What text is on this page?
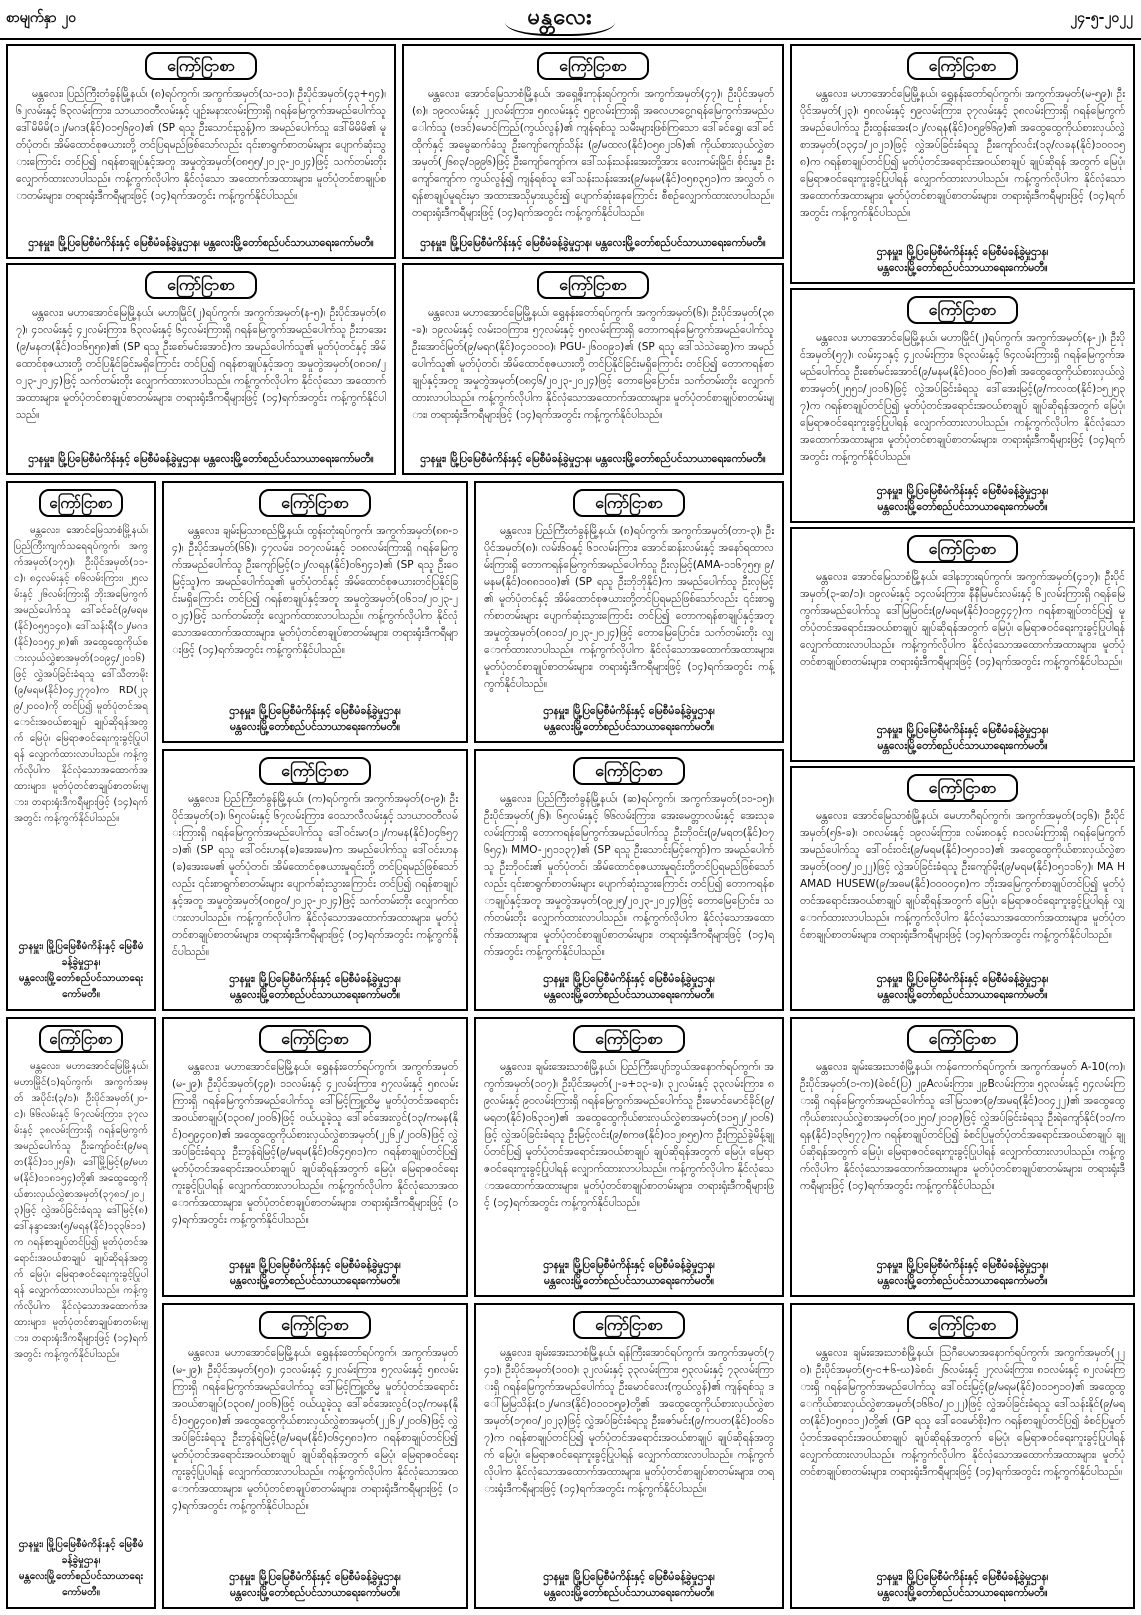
စာမျက်နှာ ၂၀	မန္တလေး	၂၄-၅-၂၀၂၂
ကြော်ငြာစာ
မန္တလေး၊ ပြည်ကြီးတံခွန်မြို့နယ်၊ (၈)ရပ်ကွက်၊ အကွက်အမှတ်(သ-၁၁)၊ ဦးပိုင်အမှတ်(၄၃+၅၄)၊ ၆၂လမ်းနှင့် ၆၃လမ်းကြား၊ သာယာဝတီလမ်းနှင့် ပျဉ်းမနားလမ်းကြားရှိ ဂရန်မြေကွက်အမည်ပေါက်သူ ဒေါ်မိမိမိ(၁၂/မဂဒ(နိုင်)၀၁၅၆၉၀)၏ (SP ရသူ ဦးသောင်းညွန့်)က အမည်ပေါက်သူ ဒေါ်မိမိမိ၏ မူတ်ပုံတင်၊ အိမ်ထောင်စုဇယားတို့ တင်ပြရမည်ဖြစ်သော်လည်း ၎င်းစာရွက်စာတမ်းများ ပျောက်ဆုံးသွားကြောင်း တင်ပြ၍ ဂရန်စာချုပ်နှင့်အတူ အမှုတွဲအမှတ်(၀၈၅၅/၂၀၂၃-၂၀၂၄)ဖြင့် သက်တမ်းတိုး လျှောက်ထားလာပါသည်။ ကန့်ကွက်လိုပါက နိုင်လုံသော အထောက်အထားများ၊ မူတ်ပုံတင်စာချုပ်စာတမ်းများ၊ တရားရုံးဒီကရီများဖြင့် (၁၄)ရက်အတွင်း ကန့်ကွက်နိုင်ပါသည်။
ဌာနမှူး၊ မြို့ပြမြေစီမံကိန်းနှင့် မြေစီမံခန့်ခွဲမှုဌာန၊ မန္တလေးမြို့တော်စည်ပင်သာယာရေးကော်မတီ။
ကြော်ငြာစာ
မန္တလေး၊ အောင်မြေသာစံမြို့နယ်၊ အရှေ့ဇိုးကုန်းရပ်ကွက်၊ အကွက်အမှတ်(၄၇)၊ ဦးပိုင်အမှတ်(၈)၊ ၁၉၀လမ်းနှင့် ၂၂လမ်းကြား၊ ၅၈လမ်းနှင့် ၅၉လမ်းကြားရှိ အဓလဟငွေ့ဂရန်မြေကွက်အမည်ပေါက်သူ (ဗဒင်)မောင်ကြည်(ကွယ်လွန်)၏ ကျန်ရစ်သူ သမီးများဖြစ်ကြသော ဒေါ်ခင်ရွှေ၊ ဒေါ်ခင်ထိုက်နှင့် အမွေဆက်ခံသူ ဦးကျော်ကျော်သိန်း (၉/မထလ(နိုင်)၀၅၈၂၁၆)၏ ကိုယ်စားလှယ်လွှဲစာအမှတ်(၂၆၈၃/၁၉၉၆)ဖြင့် ဦးကျော်ကျော်က၊ ဒေါ်သန်းသန်းအေးတို့အား လေးကမ်းမြိုင်၊ စိုင်းမှုး၊ ဦးကျော်ကျော်က ကွယ်လွန်၍ ကျန်ရစ်သူ ဒေါ်သန်းသန်းအေး(၉/မနမ(နိုင်)၀၅၈၃၅၁)က အလွှတ် ဂရန်စာချုပ်မူရင်းမှာ အထားအသိုမှားယွင်း၍ ပျောက်ဆုံးနေကြောင်း စီစဉ်လျှောက်ထားလာပါသည်။ တရားရုံးဒီကရီများဖြင့် (၁၄)ရက်အတွင်း ကန့်ကွက်နိုင်ပါသည်။
ဌာနမှူး၊ မြို့ပြမြေစီမံကိန်းနှင့် မြေစီမံခန့်ခွဲမှုဌာန၊ မန္တလေးမြို့တော်စည်ပင်သာယာရေးကော်မတီ။
ကြော်ငြာစာ
မန္တလေး၊ မဟာအောင်မြေမြို့နယ်၊ ရွှေနန်းတော်ရပ်ကွက်၊ အကွက်အမှတ်(မ-၅၉)၊ ဦးပိုင်အမှတ်(၂၃)၊ ၅၈လမ်းနှင့် ၅၉လမ်းကြား၊ ၃၇လမ်းနှင့် ၃၈လမ်းကြားရှိ ဂရန်မြေကွက်အမည်ပေါက်သူ ဦးထွန်းအေး(၁၂/လရန(နိုင်)၀၅၉၆၆၉)၏ အထွေထွေကိုယ်စားလှယ်လွှဲစာအမှတ်(၁၃၄၁/၂၀၂၁)ဖြင့် လွှဲအပ်ခြင်းခံရသူ ဦးကျော်လင်း(၁၃/လခန(နိုင်)၁၀၀၁၅၈)က ဂရန်စာချုပ်တင်ပြ၍ မူတ်ပုံတင်အရောင်းအဝယ်စာချုပ် ချုပ်ဆိုရန် အတွက် မြေပုံ၊ မြေရာဇဝင်ရေးကူးခွင့်ပြုပါရန် လျှောက်ထားလာပါသည်။ ကန့်ကွက်လိုပါက နိုင်လုံသောအထောက်အထားများ၊ မူတ်ပုံတင်စာချုပ်စာတမ်းများ၊ တရားရုံးဒီကရီများဖြင့် (၁၄)ရက်အတွင်း ကန့်ကွက်နိုင်ပါသည်။
ဌာနမှူး၊ မြို့ပြမြေစီမံကိန်းနှင့် မြေစီမံခန့်ခွဲမှုဌာန၊
မန္တလေးမြို့တော်စည်ပင်သာယာရေးကော်မတီ။
ကြော်ငြာစာ
မန္တလေး၊ မဟာအောင်မြေမြို့နယ်၊ မဟာမြိုင်(၂)ရပ်ကွက်၊ အကွက်အမှတ်(န-၅)၊ ဦးပိုင်အမှတ်(၈၇)၊ ၄၁လမ်းနှင့် ၄၂လမ်းကြား၊ ၆၃လမ်းနှင့် ၆၄လမ်းကြားရှိ ဂရန်မြေကွက်အမည်ပေါက်သူ ဦးဘအေး(၉/မနတ(နိုင်)၀၁၆၅၅၈)၏ (SP ရသူ ဦးစော်မင်းအောင်)က အမည်ပေါက်သူ၏ မူတ်ပုံတင်နှင့် အိမ်ထောင်စုဇယားတို့ တင်ပြနိုင်ခြင်းမရှိကြောင်း တင်ပြ၍ ဂရန်စာချုပ်နှင့်အတူ အမှုတွဲအမှတ်(၀၈၁၈/၂၀၂၃-၂၀၂၄)ဖြင့် သက်တမ်းတိုး လျှောက်ထားလာပါသည်။ ကန့်ကွက်လိုပါက နိုင်လုံသော အထောက်အထားများ၊ မူတ်ပုံတင်စာချုပ်စာတမ်းများ၊ တရားရုံးဒီကရီများဖြင့် (၁၄)ရက်အတွင်း ကန့်ကွက်နိုင်ပါသည်။
ဌာနမှူး၊ မြို့ပြမြေစီမံကိန်းနှင့် မြေစီမံခန့်ခွဲမှုဌာန၊ မန္တလေးမြို့တော်စည်ပင်သာယာရေးကော်မတီ။
ကြော်ငြာစာ
မန္တလေး၊ မဟာအောင်မြေမြို့နယ်၊ ရွှေနန်းတော်ရပ်ကွက်၊ အကွက်အမှတ်(၆)၊ ဦးပိုင်အမှတ်(၃၈-ခ)၊ ၁၉လမ်းနှင့် လမ်း၁၀ကြား၊ ၅၇လမ်းနှင့် ၅၈လမ်းကြားရှိ တောကရန်မြေကွက်အမည်ပေါက်သူ ဦးအောင်မြတ်(၉/မရဂ(နိုင်)၀၄၁၀၁၀)၊ PGU-၂၆၀၀၉၁)၏ (SP ရသူ ဒေါ်သဲသဲဆွေ)က အမည်ပေါက်သူ၏ မူတ်ပုံတင်၊ အိမ်ထောင်စုဇယားတို့ တင်ပြနိုင်ခြင်းမရှိကြောင်း တင်ပြ၍ တောကရန်စာချုပ်နှင့်အတူ အမှုတွဲအမှတ်(၀၈၄၆/၂၀၂၃-၂၀၂၄)ဖြင့် တောမြေပြောင်း၊ သက်တမ်းတိုး လျှောက်ထားလာပါသည်။ ကန့်ကွက်လိုပါက နိုင်လုံသောအထောက်အထားများ၊ မူတ်ပုံတင်စာချုပ်စာတမ်းများ၊ တရားရုံးဒီကရီများဖြင့် (၁၄)ရက်အတွင်း ကန့်ကွက်နိုင်ပါသည်။
ဌာနမှူး၊ မြို့ပြမြေစီမံကိန်းနှင့် မြေစီမံခန့်ခွဲမှုဌာန၊ မန္တလေးမြို့တော်စည်ပင်သာယာရေးကော်မတီ။
ကြော်ငြာစာ
မန္တလေး၊ မဟာအောင်မြေမြို့နယ်၊ မဟာမြိုင်(၂)ရပ်ကွက်၊ အကွက်အမှတ်(န-၂)၊ ဦးပိုင်အမှတ်(၅၇)၊ လမ်း၄၁နှင့် ၄၂လမ်းကြား၊ ၆၃လမ်းနှင့် ၆၄လမ်းကြားရှိ ဂရန်မြေကွက်အမည်ပေါက်သူ ဦးစော်မင်းအောင်(၉/မနမ(နိုင်)၀၀၀၂၆၀)၏ အထွေထွေကိုယ်စားလှယ်လွှဲစာအမှတ်(၂၅၅၁/၂၀၁၆)ဖြင့် လွှဲအပ်ခြင်းခံရသူ ဒေါ်အေးမြင့်(၉/ကလထ(နိုင်)၁၅၂၅၃၇)က ဂရန်စာချုပ်တင်ပြ၍ မူတ်ပုံတင်အရောင်းအဝယ်စာချုပ် ချုပ်ဆိုရန်အတွက် မြေပုံ၊ မြေရာဇဝင်ရေးကူးခွင့်ပြုပါရန် လျှောက်ထားလာပါသည်။ ကန့်ကွက်လိုပါက နိုင်လုံသောအထောက်အထားများ၊ မူတ်ပုံတင်စာချုပ်စာတမ်းများ၊ တရားရုံးဒီကရီများဖြင့် (၁၄)ရက်အတွင်း ကန့်ကွက်နိုင်ပါသည်။
ဌာနမှူး၊ မြို့ပြမြေစီမံကိန်းနှင့် မြေစီမံခန့်ခွဲမှုဌာန၊
မန္တလေးမြို့တော်စည်ပင်သာယာရေးကော်မတီ။
ကြော်ငြာစာ
မန္တလေး၊ အောင်မြေသာစံမြို့နယ်၊ ပြည်ကြီးကျက်သရေရပ်ကွက်၊ အကွက်အမှတ်(၁၇၅)၊ ဦးပိုင်အမှတ်(၁၁-င)၊ ၈၄လမ်းနှင့် ၈၆လမ်းကြား၊ ၂၅လမ်းနှင့် ၂၆လမ်းကြားရှိ ဘိုးအမြေကွက်အမည်ပေါက်သူ ဒေါ်ခင်ခင်(၉/မရမ(နိုင်)၀၅၅၁၄၀)၊ ဒေါ်သန်းရီ(၁၂/မဂဒ(နိုင်)၀၁၅၄၂၈)၏ အထွေထွေကိုယ်စားလှယ်လွှဲစာအမှတ်(၁၀၉၄/၂၀၁၆)ဖြင့် လွှဲအပ်ခြင်းခံရသူ ဒေါ်သီတာမိုး(၉/မရမ(နိုင်)၀၄၂၇၇၀)က RD(၂၃၉/၂၀၀၀)ကို တင်ပြ၍ မူတ်ပုံတင်အရောင်းအဝယ်စာချုပ် ချုပ်ဆိုရန်အတွက် မြေပုံ၊ မြေရာဇဝင်ရေးကူးခွင့်ပြုပါရန် လျှောက်ထားလာပါသည်။ ကန့်ကွက်လိုပါက နိုင်လုံသောအထောက်အထားများ၊ မူတ်ပုံတင်စာချုပ်စာတမ်းများ၊ တရားရုံးဒီကရီများဖြင့် (၁၄)ရက်အတွင်း ကန့်ကွက်နိုင်ပါသည်။
ဌာနမှူး၊ မြို့ပြမြေစီမံကိန်းနှင့် မြေစီမံခန့်ခွဲမှုဌာန၊
မန္တလေးမြို့တော်စည်ပင်သာယာရေးကော်မတီ။
ကြော်ငြာစာ
မန္တလေး၊ ချမ်းမြသာစည်မြို့နယ်၊ ထွန်းတုံးရပ်ကွက်၊ အကွက်အမှတ်(၈၈-၁၄)၊ ဦးပိုင်အမှတ်(၆၆)၊ ၄၇လမ်း၊ ၁၀၇လမ်းနှင့် ၁၀၈လမ်းကြားရှိ ဂရန်မြေကွက်အမည်ပေါက်သူ ဦးကျော်မြင့်(၁၂/လရန(နိုင်)၀၆၅၄၁)၏ (SP ရသူ ဦးဝေမြင့်သူ)က အမည်ပေါက်သူ၏ မူတ်ပုံတင်နှင့် အိမ်ထောင်စုဇယားတင်ပြနိုင်ခြင်းမရှိကြောင်း တင်ပြ၍ ဂရန်စာချုပ်နှင့်အတူ အမှုတွဲအမှတ်(၀၆၁၁/၂၀၂၃-၂၀၂၄)ဖြင့် သက်တမ်းတိုး လျှောက်ထားလာပါသည်။ ကန့်ကွက်လိုပါက နိုင်လုံသောအထောက်အထားများ၊ မူတ်ပုံတင်စာချုပ်စာတမ်းများ၊ တရားရုံးဒီကရီများဖြင့် (၁၄)ရက်အတွင်း ကန့်ကွက်နိုင်ပါသည်။
ဌာနမှူး၊ မြို့ပြမြေစီမံကိန်းနှင့် မြေစီမံခန့်ခွဲမှုဌာန၊
မန္တလေးမြို့တော်စည်ပင်သာယာရေးကော်မတီ။
ကြော်ငြာစာ
မန္တလေး၊ ပြည်ကြီးတံခွန်မြို့နယ်၊ (၈)ရပ်ကွက်၊ အကွက်အမှတ်(တာ-၃)၊ ဦးပိုင်အမှတ်(၈)၊ လမ်း၆၀နှင့် ၆၁လမ်းကြား၊ အောင်ဆန်းလမ်းနှင့် အနော်ရထာလမ်းကြားရှိ တောကရန်မြေကွက်အမည်ပေါက်သူ ဦးလှမြင့်(AMA-၁၁၆၇၅၅၊ ၉/မနမ(နိုင်)၀၈၈၁၀၀)၏ (SP ရသူ ဦးဘိုဘိုနိုင်)က အမည်ပေါက်သူ ဦးလှမြင့်၏ မူတ်ပုံတင်နှင့် အိမ်ထောင်စုဇယားတို့တင်ပြရမည်ဖြစ်သော်လည်း ၎င်းစာရွက်စာတမ်းများ ပျောက်ဆုံးသွားကြောင်း တင်ပြ၍ တောကရန်စာချုပ်နှင့်အတူ အမှုတွဲအမှတ်(၀၈၁၁/၂၀၂၃-၂၀၂၄)ဖြင့် တောမြေပြောင်း၊ သက်တမ်းတိုး လျှောက်ထားလာပါသည်။ ကန့်ကွက်လိုပါက နိုင်လုံသောအထောက်အထားများ၊ မူတ်ပုံတင်စာချုပ်စာတမ်းများ၊ တရားရုံးဒီကရီများဖြင့် (၁၄)ရက်အတွင်း ကန့်ကွက်နိုင်ပါသည်။
ဌာနမှူး၊ မြို့ပြမြေစီမံကိန်းနှင့် မြေစီမံခန့်ခွဲမှုဌာန၊
မန္တလေးမြို့တော်စည်ပင်သာယာရေးကော်မတီ။
ကြော်ငြာစာ
မန္တလေး၊ အောင်မြေသာစံမြို့နယ်၊ ဒေါနဘွားရပ်ကွက်၊ အကွက်အမှတ်(၄၁၇)၊ ဦးပိုင်အမှတ်(၃-ဆ/၁)၊ ၁၉လမ်းနှင့် ၁၄လမ်းကြား၊ နီနီမြမင်းလမ်းနှင့် ၆၂လမ်းကြားရှိ ဂရန်မြေကွက်အမည်ပေါက်သူ ဒေါ်မြမြဝင်း(၉/မရမ(နိုင်)၀၁၉၄၄၇)က ဂရန်စာချုပ်တင်ပြ၍ မူတ်ပုံတင်အရောင်းအဝယ်စာချုပ် ချုပ်ဆိုရန်အတွက် မြေပုံ၊ မြေရာဇဝင်ရေးကူးခွင့်ပြုပါရန် လျှောက်ထားလာပါသည်။ ကန့်ကွက်လိုပါက နိုင်လုံသောအထောက်အထားများ၊ မူတ်ပုံတင်စာချုပ်စာတမ်းများ၊ တရားရုံးဒီကရီများဖြင့် (၁၄)ရက်အတွင်း ကန့်ကွက်နိုင်ပါသည်။
ဌာနမှူး၊ မြို့ပြမြေစီမံကိန်းနှင့် မြေစီမံခန့်ခွဲမှုဌာန၊
မန္တလေးမြို့တော်စည်ပင်သာယာရေးကော်မတီ။
ကြော်ငြာစာ
မန္တလေး၊ ပြည်ကြီးတံခွန်မြို့နယ်၊ (က)ရပ်ကွက်၊ အကွက်အမှတ်(၀-၉)၊ ဦးပိုင်အမှတ်(၁)၊ ၆၅လမ်းနှင့် ၆၇လမ်းကြား၊ ဝေသာလီလမ်းနှင့် သာယာဝတီလမ်းကြားရှိ ဂရန်မြေကွက်အမည်ပေါက်သူ ဒေါ်ဝင်းမာ(၁၂/ကမန(နိုင်)၀၄၆၅၇၁)၏ (SP ရသူ ဒေါ်ဝင်းဟန(ခ)အေးမေ)က အမည်ပေါက်သူ ဒေါ်ဝင်းဟန(ခ)အေးမေ၏ မူတ်ပုံတင်၊ အိမ်ထောင်စုဇယားမူရင်းတို့ တင်ပြရမည်ဖြစ်သော်လည်း ၎င်းစာရွက်စာတမ်းများ ပျောက်ဆုံးသွားကြောင်း တင်ပြ၍ ဂရန်စာချုပ်နှင့်အတူ အမှုတွဲအမှတ်(၀၈၉၀/၂၀၂၃-၂၀၂၄)ဖြင့် သက်တမ်းတိုး လျှောက်ထားလာပါသည်။ ကန့်ကွက်လိုပါက နိုင်လုံသောအထောက်အထားများ၊ မူတ်ပုံတင်စာချုပ်စာတမ်းများ၊ တရားရုံးဒီကရီများဖြင့် (၁၄)ရက်အတွင်း ကန့်ကွက်နိုင်ပါသည်။
ဌာနမှူး၊ မြို့ပြမြေစီမံကိန်းနှင့် မြေစီမံခန့်ခွဲမှုဌာန၊
မန္တလေးမြို့တော်စည်ပင်သာယာရေးကော်မတီ။
ကြော်ငြာစာ
မန္တလေး၊ ပြည်ကြီးတံခွန်မြို့နယ်၊ (ဆ)ရပ်ကွက်၊ အကွက်အမှတ်(၁၁-၁၅)၊ ဦးပိုင်အမှတ်(၂၆)၊ ၆၅လမ်းနှင့် ၆၆လမ်းကြား၊ အေးမေတ္တာလမ်းနှင့် အေးသုခလမ်းကြားရှိ တောကရန်မြေကွက်အမည်ပေါက်သူ ဦးဘိုဝင်း(၉/မရတ(နိုင်)၀၇၆၅၄)၊ MMO-၂၅၁၁၃၇)၏ (SP ရသူ ဦးသောင်းမြင့်ကျော်)က အမည်ပေါက်သူ ဦးဘိုဝင်း၏ မူတ်ပုံတင်၊ အိမ်ထောင်စုဇယားမူရင်းတို့တင်ပြရမည်ဖြစ်သော်လည်း ၎င်းစာရွက်စာတမ်းများ ပျောက်ဆုံးသွားကြောင်း တင်ပြ၍ တောကရန်စာချုပ်နှင့်အတူ အမှုတွဲအမှတ်(၀၉၂၅/၂၀၂၃-၂၀၂၄)ဖြင့် တောမြေပြောင်း၊ သက်တမ်းတိုး လျှောက်ထားလာပါသည်။ ကန့်ကွက်လိုပါက နိုင်လုံသောအထောက်အထားများ၊ မူတ်ပုံတင်စာချုပ်စာတမ်းများ၊ တရားရုံးဒီကရီများဖြင့် (၁၄)ရက်အတွင်း ကန့်ကွက်နိုင်ပါသည်။
ဌာနမှူး၊ မြို့ပြမြေစီမံကိန်းနှင့် မြေစီမံခန့်ခွဲမှုဌာန၊
မန္တလေးမြို့တော်စည်ပင်သာယာရေးကော်မတီ။
ကြော်ငြာစာ
မန္တလေး၊ အောင်မြေသာစံမြို့နယ်၊ မေဟာဂီရပ်ကွက်၊ အကွက်အမှတ်(၁၄၆)၊ ဦးပိုင်အမှတ်(၅၆-ခ)၊ ၁၈လမ်းနှင့် ၁၉လမ်းကြား၊ လမ်း၈၀နှင့် ၈၁လမ်းကြားရှိ ဂရန်မြေကွက်အမည်ပေါက်သူ ဒေါ်ဝင်းဝင်း(၉/မရမ(နိုင်)၀၅၀၁၁)၏ အထွေထွေကိုယ်စားလှယ်လွှဲစာအမှတ်(၀၀၅/၂၀၂၂)ဖြင့် လွှဲအပ်ခြင်းခံရသူ ဦးကျော်မိုး(၉/မရမ(နိုင်)၀၅၁၁၆၇)၊ MA HAMAD HUSEW(၉/အဓမ(နိုင်)၀၀၀၀၄၈)က ဘိုးအမြေကွက်စာချုပ်တင်ပြ၍ မူတ်ပုံတင်အရောင်းအဝယ်စာချုပ် ချုပ်ဆိုရန်အတွက် မြေပုံ၊ မြေရာဇဝင်ရေးကူးခွင့်ပြုပါရန် လျှောက်ထားလာပါသည်။ ကန့်ကွက်လိုပါက နိုင်လုံသောအထောက်အထားများ၊ မူတ်ပုံတင်စာချုပ်စာတမ်းများ၊ တရားရုံးဒီကရီများဖြင့် (၁၄)ရက်အတွင်း ကန့်ကွက်နိုင်ပါသည်။
ဌာနမှူး၊ မြို့ပြမြေစီမံကိန်းနှင့် မြေစီမံခန့်ခွဲမှုဌာန၊
မန္တလေးမြို့တော်စည်ပင်သာယာရေးကော်မတီ။
ကြော်ငြာစာ
မန္တလေး၊ မဟာအောင်မြေမြို့နယ်၊ မဟာမြိုင်(၁)ရပ်ကွက်၊ အကွက်အမှတ် အပိုင်း(၃/၁)၊ ဦးပိုင်အမှတ်(၂၀-င)၊ ၆၆လမ်းနှင့် ၆၇လမ်းကြား၊ ၃၇လမ်းနှင့် ၃၈လမ်းကြားရှိ ဂရန်မြေကွက်အမည်ပေါက်သူ ဦးကျော်ဝင်း(၉/မရတ(နိုင်)၁၁၂၅၆)၊ ဒေါ်မြို့မြင့်(၉/မဟမ(နိုင်)၀၁၈၁၅၄)တို့၏ အထွေထွေကိုယ်စားလှယ်လွှဲစာအမှတ်(၃၇၈၁/၂၀၂၃)ဖြင့် လွှဲအပ်ခြင်းခံရသူ ဒေါ်မြင့်(၈)ဒေါ်နန္ဒာအေး(၅/မရန(နိုင်)၁၃၃၆၁၁)က ဂရန်စာချုပ်တင်ပြ၍ မူတ်ပုံတင်အရောင်းအဝယ်စာချုပ် ချုပ်ဆိုရန်အတွက် မြေပုံ၊ မြေရာဇဝင်ရေးကူးခွင့်ပြုပါရန် လျှောက်ထားလာပါသည်။ ကန့်ကွက်လိုပါက နိုင်လုံသောအထောက်အထားများ၊ မူတ်ပုံတင်စာချုပ်စာတမ်းများ၊ တရားရုံးဒီကရီများဖြင့် (၁၄)ရက်အတွင်း ကန့်ကွက်နိုင်ပါသည်။
ဌာနမှူး၊ မြို့ပြမြေစီမံကိန်းနှင့် မြေစီမံခန့်ခွဲမှုဌာန၊
မန္တလေးမြို့တော်စည်ပင်သာယာရေးကော်မတီ။
ကြော်ငြာစာ
မန္တလေး၊ မဟာအောင်မြေမြို့နယ်၊ ရွှေနန်းတော်ရပ်ကွက်၊ အကွက်အမှတ်(မ-၂၉)၊ ဦးပိုင်အမှတ်(၄၉)၊ ၁၁လမ်းနှင့် ၄၂လမ်းကြား၊ ၅၇လမ်းနှင့် ၅၈လမ်းကြားရှိ ဂရန်မြေကွက်အမည်ပေါက်သူ ဒေါ်မြင့်ကြူ့ထိမ္မ မူတ်ပုံတင်အရောင်းအဝယ်စာချုပ်(၁၃၀၈/၂၀၀၆)ဖြင့် ဝယ်ယူခဲ့သူ ဒေါ်ခင်အေးလွင်(၁၃/ကမန(နိုင်)၀၅၉၄၀၈)၏ အထွေထွေကိုယ်စားလှယ်လွှဲစာအမှတ်(၂၂၆၂/၂၀၀၆)ဖြင့် လွှဲအပ်ခြင်းခံရသူ ဦးဘွန်ရဲမြင့်(၉/မရမ(နိုင်)၀၆၄၅၈၁)က ဂရန်စာချုပ်တင်ပြ၍ မူတ်ပုံတင်အရောင်းအဝယ်စာချုပ် ချုပ်ဆိုရန်အတွက် မြေပုံ၊ မြေရာဇဝင်ရေးကူးခွင့်ပြုပါရန် လျှောက်ထားလာပါသည်။ ကန့်ကွက်လိုပါက နိုင်လုံသောအထောက်အထားများ၊ မူတ်ပုံတင်စာချုပ်စာတမ်းများ၊ တရားရုံးဒီကရီများဖြင့် (၁၄)ရက်အတွင်း ကန့်ကွက်နိုင်ပါသည်။
ဌာနမှူး၊ မြို့ပြမြေစီမံကိန်းနှင့် မြေစီမံခန့်ခွဲမှုဌာန၊
မန္တလေးမြို့တော်စည်ပင်သာယာရေးကော်မတီ။
ကြော်ငြာစာ
မန္တလေး၊ ချမ်းအေးသာစံမြို့နယ်၊ ပြည်ကြီးပျော်ဘွယ်အနောက်ရပ်ကွက်၊ အကွက်အမှတ်(၁၀၇)၊ ဦးပိုင်အမှတ်(၂-ခ+၁၃-ခ)၊ ၃၂လမ်းနှင့် ၃၃လမ်းကြား၊ ၈၉လမ်းနှင့် ၉၀လမ်းကြားရှိ ဂရန်မြေကွက်အမည်ပေါက်သူ ဦးမောင်မောင်ခိုင်(၉/မရတ(နိုင်)၀၆၃၁၅)၏ အထွေထွေကိုယ်စားလှယ်လွှဲစာအမှတ်(၁၁၅၂/၂၀၀၆)ဖြင့် လွှဲအပ်ခြင်းခံရသူ ဦးမြင့်လင်း(၉/စကဖ(နိုင်)၀၁၂၈၅၅)က ဦးကြည်ခွဲမိန့်ချုပ်တင်ပြ၍ မူတ်ပုံတင်အရောင်းအဝယ်စာချုပ် ချုပ်ဆိုရန်အတွက် မြေပုံ၊ မြေရာဇဝင်ရေးကူးခွင့်ပြုပါရန် လျှောက်ထားလာပါသည်။ ကန့်ကွက်လိုပါက နိုင်လုံသောအထောက်အထားများ၊ မူတ်ပုံတင်စာချုပ်စာတမ်းများ၊ တရားရုံးဒီကရီများဖြင့် (၁၄)ရက်အတွင်း ကန့်ကွက်နိုင်ပါသည်။
ဌာနမှူး၊ မြို့ပြမြေစီမံကိန်းနှင့် မြေစီမံခန့်ခွဲမှုဌာန၊
မန္တလေးမြို့တော်စည်ပင်သာယာရေးကော်မတီ။
ကြော်ငြာစာ
မန္တလေး၊ ချမ်းအေးသာစံမြို့နယ်၊ ကန်ကောက်ရပ်ကွက်၊ အကွက်အမှတ် A-10(က)၊ ဦးပိုင်အမှတ်(၁-က)(ခဲစင်(ပြ) ၂၉Aလမ်းကြား၊ ၂၉Bလမ်းကြား၊ ၅၃လမ်းနှင့် ၅၄လမ်းကြားရှိ ဂရန်မြေကွက်အမည်ပေါက်သူ ဒေါ်မြသဇာ(၉/အမရ(နိုင်)၀၀၄၂၂)၏ အထွေထွေကိုယ်စားလှယ်လွှဲစာအမှတ်(၁၀၂၅၀/၂၀၁၉)ဖြင့် လွှဲအပ်ခြင်းခံရသူ ဦးရဲကျော်နိုင်(၁၁/ကရန(နိုင်)၁၃၆၅၇၇)က ဂရန်စာချုပ်တင်ပြ၍ ခံစင်ပြမူတ်ပုံတင်အရောင်းအဝယ်စာချုပ် ချုပ်ဆိုရန်အတွက် မြေပုံ၊ မြေရာဇဝင်ရေးကူးခွင့်ပြုပါရန် လျှောက်ထားလာပါသည်။ ကန့်ကွက်လိုပါက နိုင်လုံသောအထောက်အထားများ၊ မူတ်ပုံတင်စာချုပ်စာတမ်းများ၊ တရားရုံးဒီကရီများဖြင့် (၁၄)ရက်အတွင်း ကန့်ကွက်နိုင်ပါသည်။
ဌာနမှူး၊ မြို့ပြမြေစီမံကိန်းနှင့် မြေစီမံခန့်ခွဲမှုဌာန၊
မန္တလေးမြို့တော်စည်ပင်သာယာရေးကော်မတီ။
ကြော်ငြာစာ
မန္တလေး၊ မဟာအောင်မြေမြို့နယ်၊ ရွှေနန်းတော်ရပ်ကွက်၊ အကွက်အမှတ်(မ-၂၉)၊ ဦးပိုင်အမှတ်(၅၀)၊ ၄၁လမ်းနှင့် ၄၂လမ်းကြား၊ ၅၇လမ်းနှင့် ၅၈လမ်းကြားရှိ ဂရန်မြေကွက်အမည်ပေါက်သူ ဒေါ်မြင့်ကြူ့ထိမ္မ မူတ်ပုံတင်အရောင်းအဝယ်စာချုပ်(၁၃၀၈/၂၀၀၆)ဖြင့် ဝယ်ယူခဲ့သူ ဒေါ်ခင်အေးလွင်(၁၃/ကမန(နိုင်)၀၅၉၄၀၈)၏ အထွေထွေကိုယ်စားလှယ်လွှဲစာအမှတ်(၂၂၆၂/၂၀၀၆)ဖြင့် လွှဲအပ်ခြင်းခံရသူ ဦးဘွန်ရဲမြင့်(၉/မရမ(နိုင်)၀၆၄၅၈၁)က ဂရန်စာချုပ်တင်ပြ၍ မူတ်ပုံတင်အရောင်းအဝယ်စာချုပ် ချုပ်ဆိုရန်အတွက် မြေပုံ၊ မြေရာဇဝင်ရေးကူးခွင့်ပြုပါရန် လျှောက်ထားလာပါသည်။ ကန့်ကွက်လိုပါက နိုင်လုံသောအထောက်အထားများ၊ မူတ်ပုံတင်စာချုပ်စာတမ်းများ၊ တရားရုံးဒီကရီများဖြင့် (၁၄)ရက်အတွင်း ကန့်ကွက်နိုင်ပါသည်။
ဌာနမှူး၊ မြို့ပြမြေစီမံကိန်းနှင့် မြေစီမံခန့်ခွဲမှုဌာန၊
မန္တလေးမြို့တော်စည်ပင်သာယာရေးကော်မတီ။
ကြော်ငြာစာ
မန္တလေး၊ ချမ်းအေးသာစံမြို့နယ်၊ ရန်ကြီးအောင်ရပ်ကွက်၊ အကွက်အမှတ်(၇၄၁)၊ ဦးပိုင်အမှတ်(၁၀၀)၊ ၃၂လမ်းနှင့် ၃၃လမ်းကြား၊ ၅၃လမ်းနှင့် ၇၃လမ်းကြားရှိ ဂရန်မြေကွက်အမည်ပေါက်သူ ဦးမောင်လေး(ကွယ်လွန်)၏ ကျန်ရစ်သူ ဒေါ်မြမြသိန်း(၁၂/မဂဒ(နိုင်)၀၁၀၁၅၉)တို့၏ အထွေထွေကိုယ်စားလှယ်လွှဲစာအမှတ်(၁၇၈၀/၂၀၂၃)ဖြင့် လွှဲအပ်ခြင်းခံရသူ ဦးဇော်မင်း(၉/ကပတ(နိုင်)၀၀၆၁၇)က ဂရန်စာချုပ်တင်ပြ၍ မူတ်ပုံတင်အရောင်းအဝယ်စာချုပ် ချုပ်ဆိုရန်အတွက် မြေပုံ၊ မြေရာဇဝင်ရေးကူးခွင့်ပြုပါရန် လျှောက်ထားလာပါသည်။ ကန့်ကွက်လိုပါက နိုင်လုံသောအထောက်အထားများ၊ မူတ်ပုံတင်စာချုပ်စာတမ်းများ၊ တရားရုံးဒီကရီများဖြင့် (၁၄)ရက်အတွင်း ကန့်ကွက်နိုင်ပါသည်။
ဌာနမှူး၊ မြို့ပြမြေစီမံကိန်းနှင့် မြေစီမံခန့်ခွဲမှုဌာန၊
မန္တလေးမြို့တော်စည်ပင်သာယာရေးကော်မတီ။
ကြော်ငြာစာ
မန္တလေး၊ ချမ်းအေးသာစံမြို့နယ်၊ ဩဂီပေမာအနောက်ရပ်ကွက်၊ အကွက်အမှတ်(၂၂၀)၊ ဦးပိုင်အမှတ်(၅-င+၆-ဃ)ခဲစင်၊ ၂၆လမ်းနှင့် ၂၇လမ်းကြား၊ ၈၁လမ်းနှင့် ၈၂လမ်းကြားရှိ ဂရန်မြေကွက်အမည်ပေါက်သူ ဒေါ်ဝင်းမြင့်(၉/မရမ(နိုင်)၀၁၁၅၁၀)၏ အထွေထွေကိုယ်စားလှယ်လွှဲစာအမှတ်(၁၆၆၀/၂၀၂၂)ဖြင့် လွှဲအပ်ခြင်းခံရသူ ဒေါ်သန်းနိုင်(၉/မရတ(နိုင်)၀၅၈၁၁၂)တို့၏ (GP ရသူ ဒေါ်ဝေမော်စိုး)က ဂရန်စာချုပ်တင်ပြ၍ ခံစင်ပြမူတ်ပုံတင်အရောင်းအဝယ်စာချုပ် ချုပ်ဆိုရန်အတွက် မြေပုံ၊ မြေရာဇဝင်ရေးကူးခွင့်ပြုပါရန် လျှောက်ထားလာပါသည်။ ကန့်ကွက်လိုပါက နိုင်လုံသောအထောက်အထားများ၊ မူတ်ပုံတင်စာချုပ်စာတမ်းများ၊ တရားရုံးဒီကရီများဖြင့် (၁၄)ရက်အတွင်း ကန့်ကွက်နိုင်ပါသည်။
ဌာနမှူး၊ မြို့ပြမြေစီမံကိန်းနှင့် မြေစီမံခန့်ခွဲမှုဌာန၊
မန္တလေးမြို့တော်စည်ပင်သာယာရေးကော်မတီ။
